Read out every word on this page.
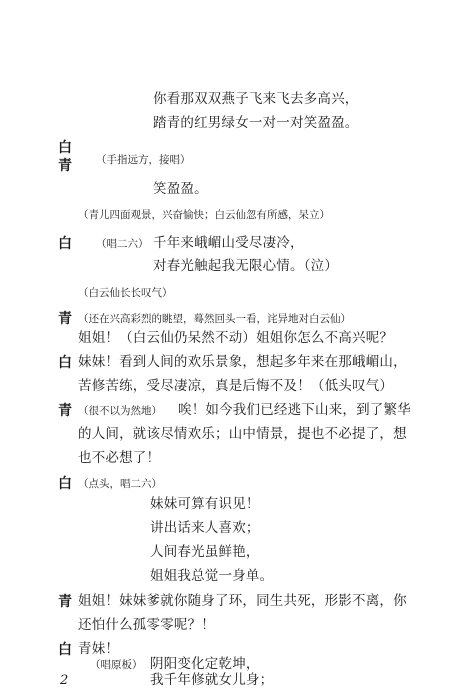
你看那双双燕子飞来飞去多高兴，
踏青的红男绿女一对一对笑盈盈。
白
青 （手指远方，接唱）
笑盈盈。
（青儿四面观景，兴奋愉快；白云仙忽有所感，呆立）
白 （唱二六） 千年来峨嵋山受尽凄冷，
对春光触起我无限心情。（泣）
（白云仙长长叹气）
青 （还在兴高彩烈的眺望，蓦然回头一看，诧异地对白云仙）
姐姐！（白云仙仍呆然不动）姐姐你怎么不高兴呢？
白 妹妹！看到人间的欢乐景象，想起多年来在那峨嵋山，
苦修苦练，受尽凄凉，真是后悔不及！（低头叹气）
青 （很不以为然地） 唉！如今我们已经逃下山来，到了繁华
的人间，就该尽情欢乐；山中情景，提也不必提了，想
也不必想了！
白 （点头，唱二六）
妹妹可算有识见！
讲出话来人喜欢；
人间春光虽鲜艳，
姐姐我总觉一身单。
青 姐姐！妹妹爹就你随身了环，同生共死，形影不离，你
还怕什么孤零零呢？！
白 青妹！
（唱原板） 阴阳变化定乾坤，
我千年修就女儿身；
2
